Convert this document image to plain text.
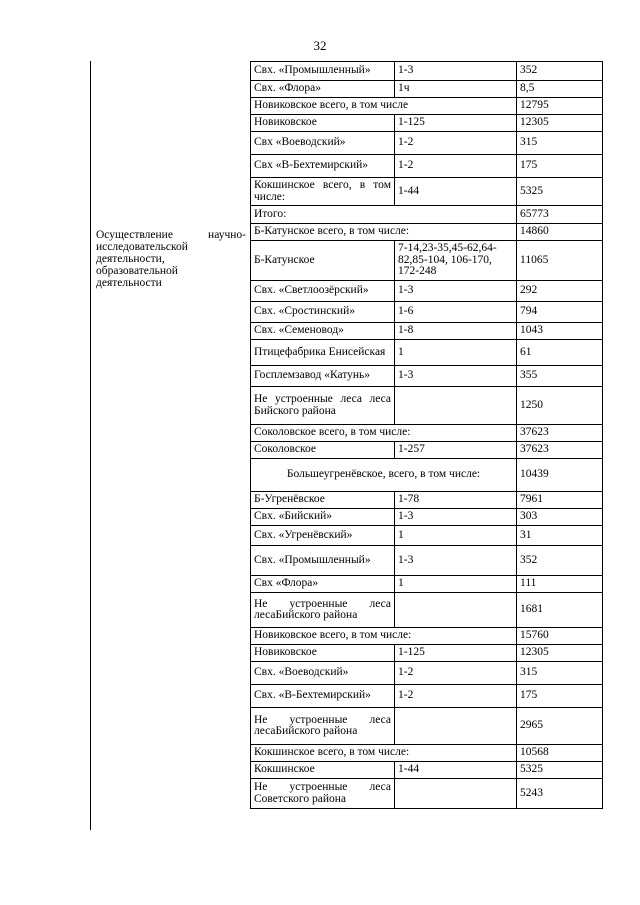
32
Осуществление научно-
исследовательской деятельности, образовательной деятельности
Свх. «Промышленный»	1-3	352
Свх. «Флора»	1ч	8,5
Новиковское всего, в том числе		12795
Новиковское	1-125	12305
Свх «Воеводский»	1-2	315
Свх «В-Бехтемирский»	1-2	175
Кокшинское всего, в том числе:	1-44	5325
Итого:		65773
Б-Катунское всего, в том числе:		14860
Б-Катунское	7-14,23-35,45-62,64-82,85-104, 106-170, 172-248	11065
Свх. «Светлоозёрский»	1-3	292
Свх. «Сростинский»	1-6	794
Свх. «Семеновод»	1-8	1043
Птицефабрика Енисейская	1	61
Госплемзавод «Катунь»	1-3	355
Не устроенные леса леса Бийского района		1250
Соколовское всего, в том числе:		37623
Соколовское	1-257	37623
Большеугренёвское, всего, в том числе:		10439
Б-Угренёвское	1-78	7961
Свх. «Бийский»	1-3	303
Свх. «Угренёвский»	1	31
Свх. «Промышленный»	1-3	352
Свх «Флора»	1	111
Не устроенные леса лесаБийского района		1681
Новиковское всего, в том числе:		15760
Новиковское	1-125	12305
Свх. «Воеводский»	1-2	315
Свх. «В-Бехтемирский»	1-2	175
Не устроенные леса лесаБийского района		2965
Кокшинское всего, в том числе:		10568
Кокшинское	1-44	5325
Не устроенные леса Советского района		5243
